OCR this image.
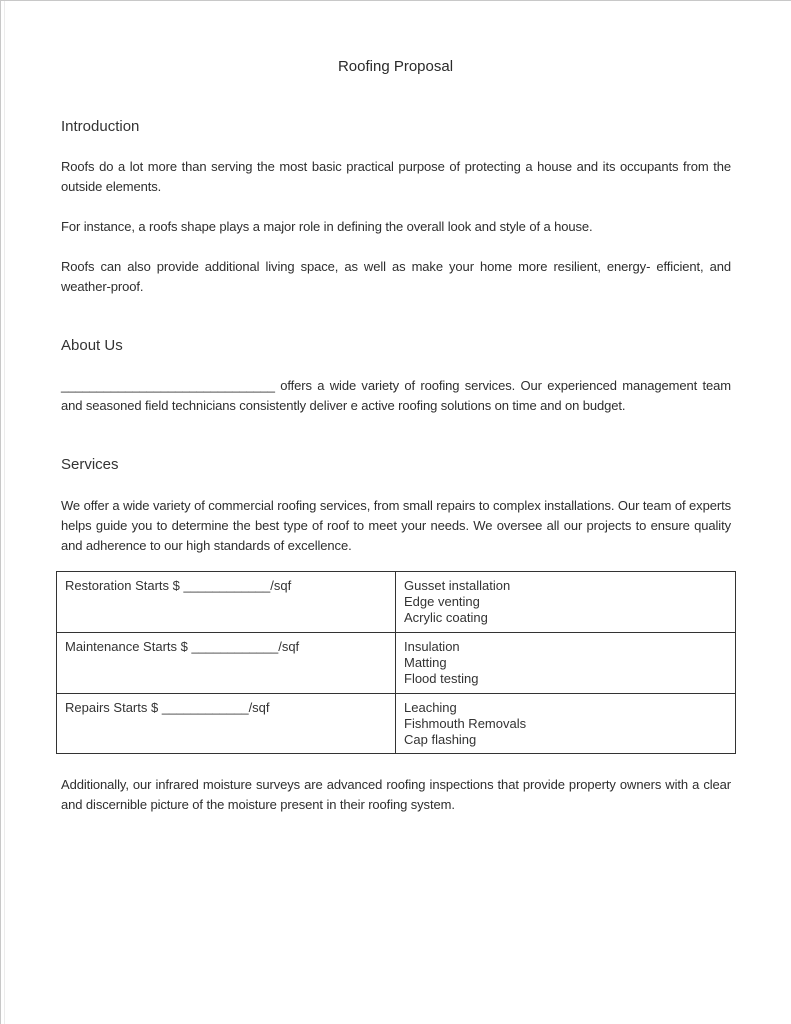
Roofing Proposal
Introduction
Roofs do a lot more than serving the most basic practical purpose of protecting a house and its occupants from the outside elements.
For instance, a roofs shape plays a major role in defining the overall look and style of a house.
Roofs can also provide additional living space, as well as make your home more resilient, energy- efficient, and weather-proof.
About Us
______________________________ offers a wide variety of roofing services. Our experienced management team and seasoned field technicians consistently deliver e active roofing solutions on time and on budget.
Services
We offer a wide variety of commercial roofing services, from small repairs to complex installations. Our team of experts helps guide you to determine the best type of roof to meet your needs. We oversee all our projects to ensure quality and adherence to our high standards of excellence.
Restoration Starts $ ____________/sqf	Gusset installation
Edge venting
Acrylic coating

Maintenance Starts $ ____________/sqf	Insulation
Matting
Flood testing

Repairs Starts $ ____________/sqf	Leaching
Fishmouth Removals
Cap flashing
Additionally, our infrared moisture surveys are advanced roofing inspections that provide property owners with a clear and discernible picture of the moisture present in their roofing system.
